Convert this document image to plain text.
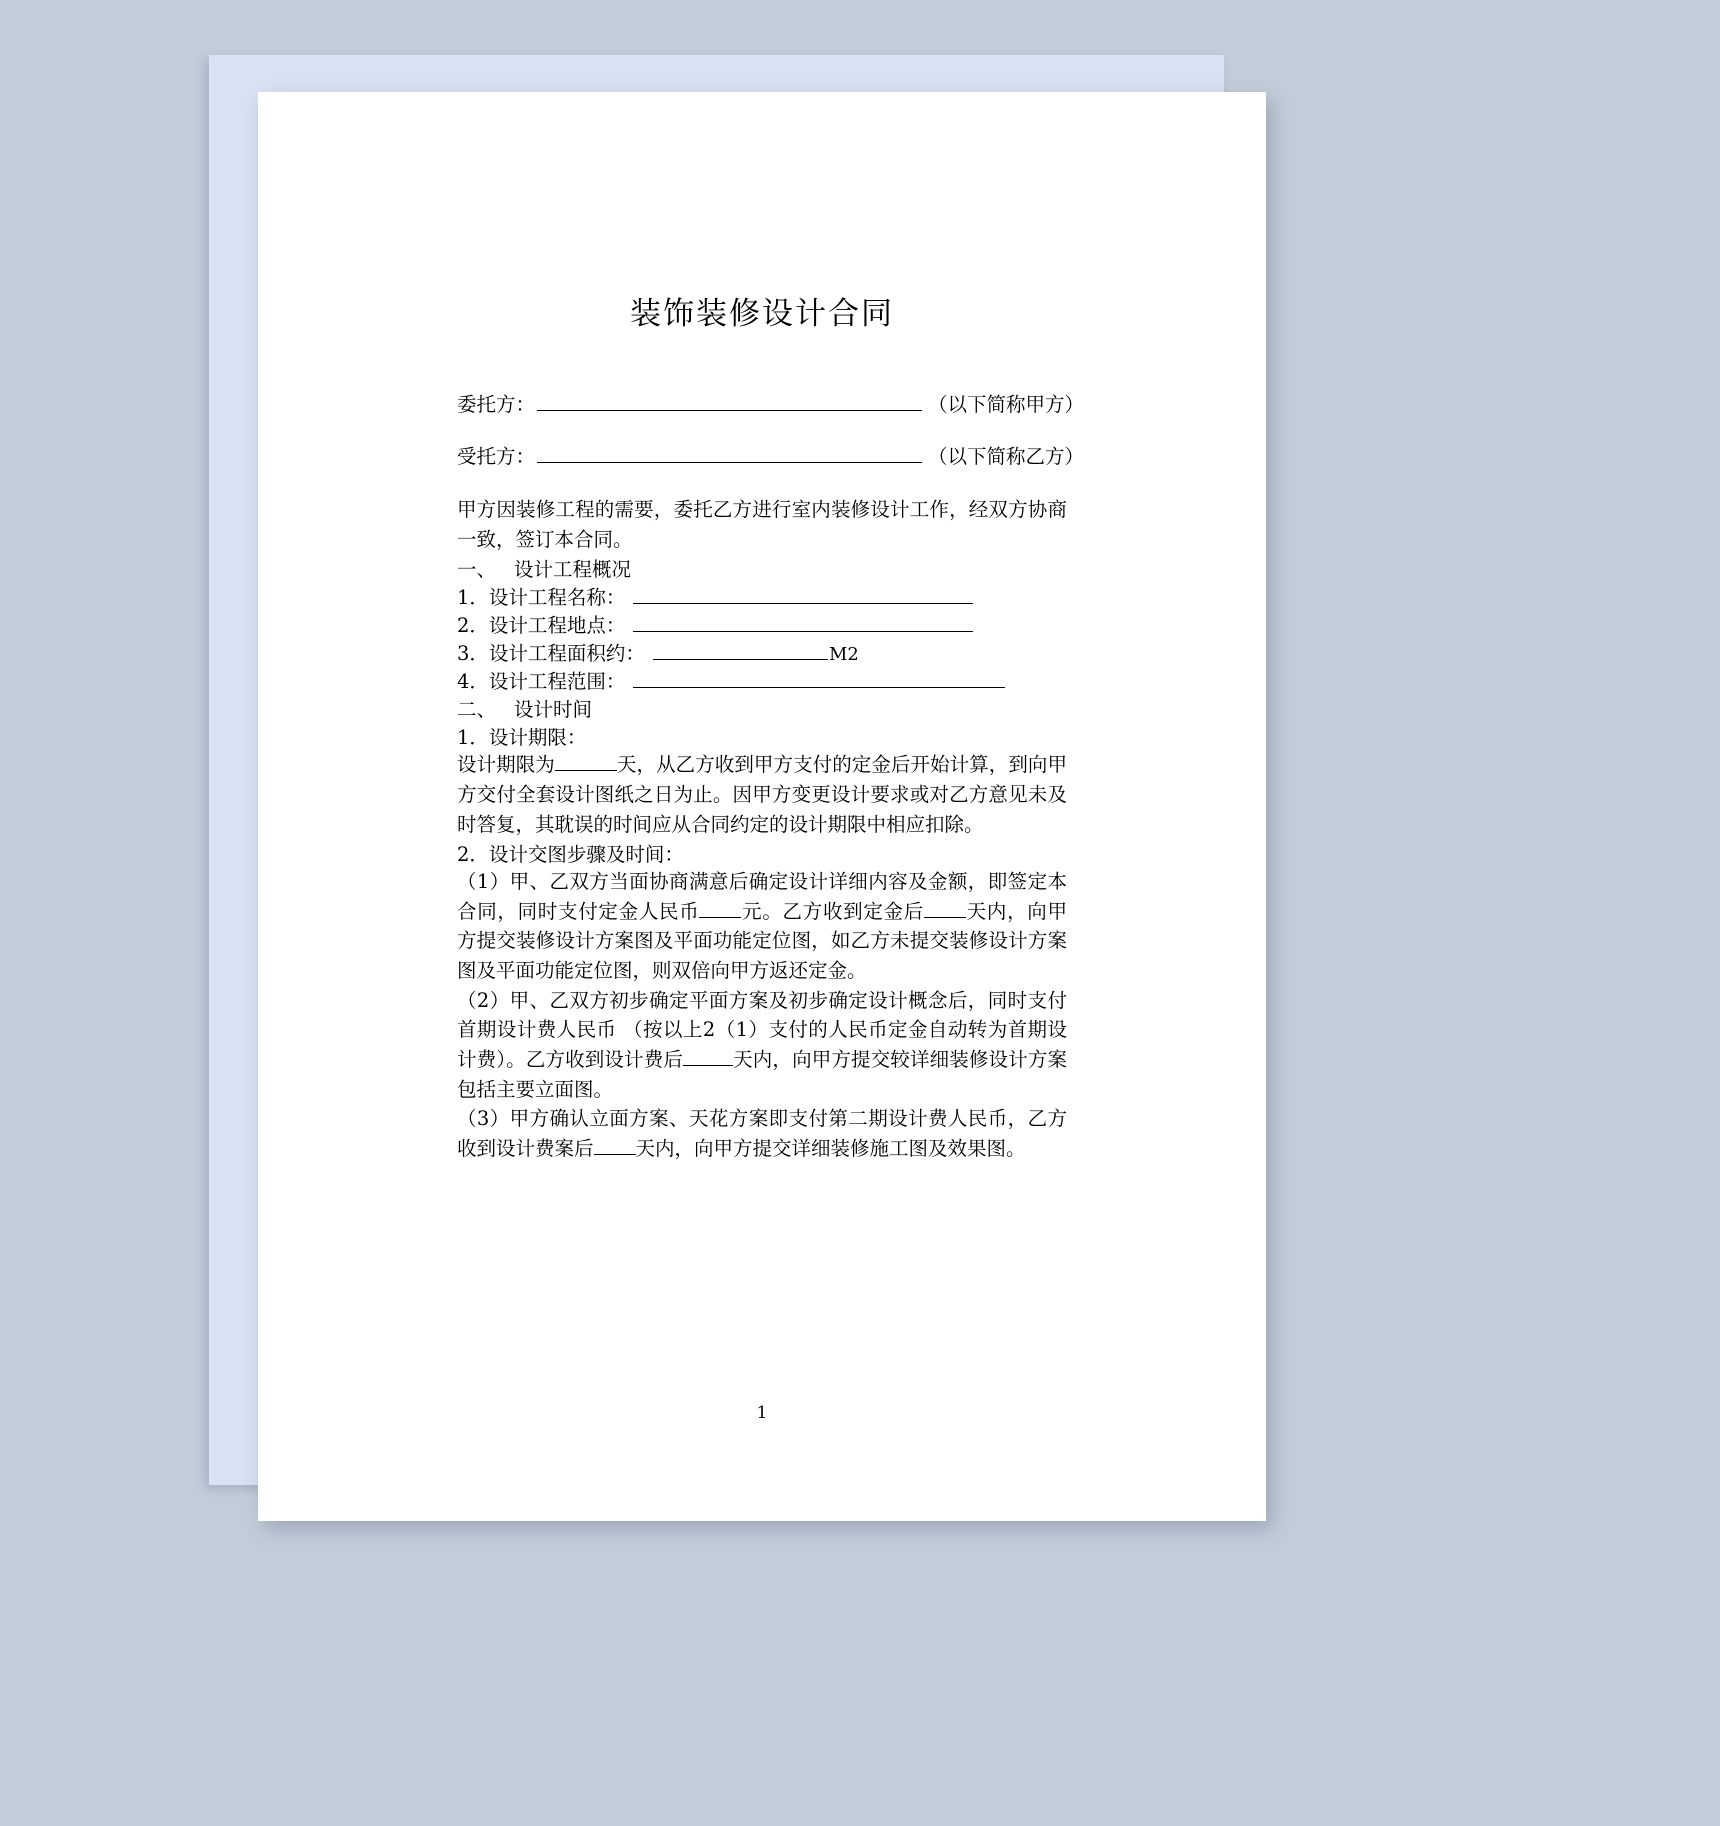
装饰装修设计合同
委托方：	（以下简称甲方）
受托方：	（以下简称乙方）

甲方因装修工程的需要，委托乙方进行室内装修设计工作，经双方协商一致，签订本合同。

一、 设计工程概况

1． 设计工程名称：

2． 设计工程地点：

3． 设计工程面积约：	M2

4． 设计工程范围：

二、 设计时间

1．设计期限：

设计期限为	天，从乙方收到甲方支付的定金后开始计算，到向甲方交付全套设计图纸之日为止。因甲方变更设计要求或对乙方意见未及时答复，其耽误的时间应从合同约定的设计期限中相应扣除。

2．设计交图步骤及时间：

（1）甲、乙双方当面协商满意后确定设计详细内容及金额，即签定本合同，同时支付定金人民币 元。乙方收到定金后 天内，向甲方提交装修设计方案图及平面功能定位图，如乙方未提交装修设计方案图及平面功能定位图，则双倍向甲方返还定金。

（2）甲、乙双方初步确定平面方案及初步确定设计概念后，同时支付首期设计费人民币 （按以上2（1）支付的人民币定金自动转为首期设计费）。乙方收到设计费后	天内，向甲方提交较详细装修设计方案包括主要立面图。

（3）甲方确认立面方案、天花方案即支付第二期设计费人民币，乙方收到设计费案后 天内，向甲方提交详细装修施工图及效果图。

1
